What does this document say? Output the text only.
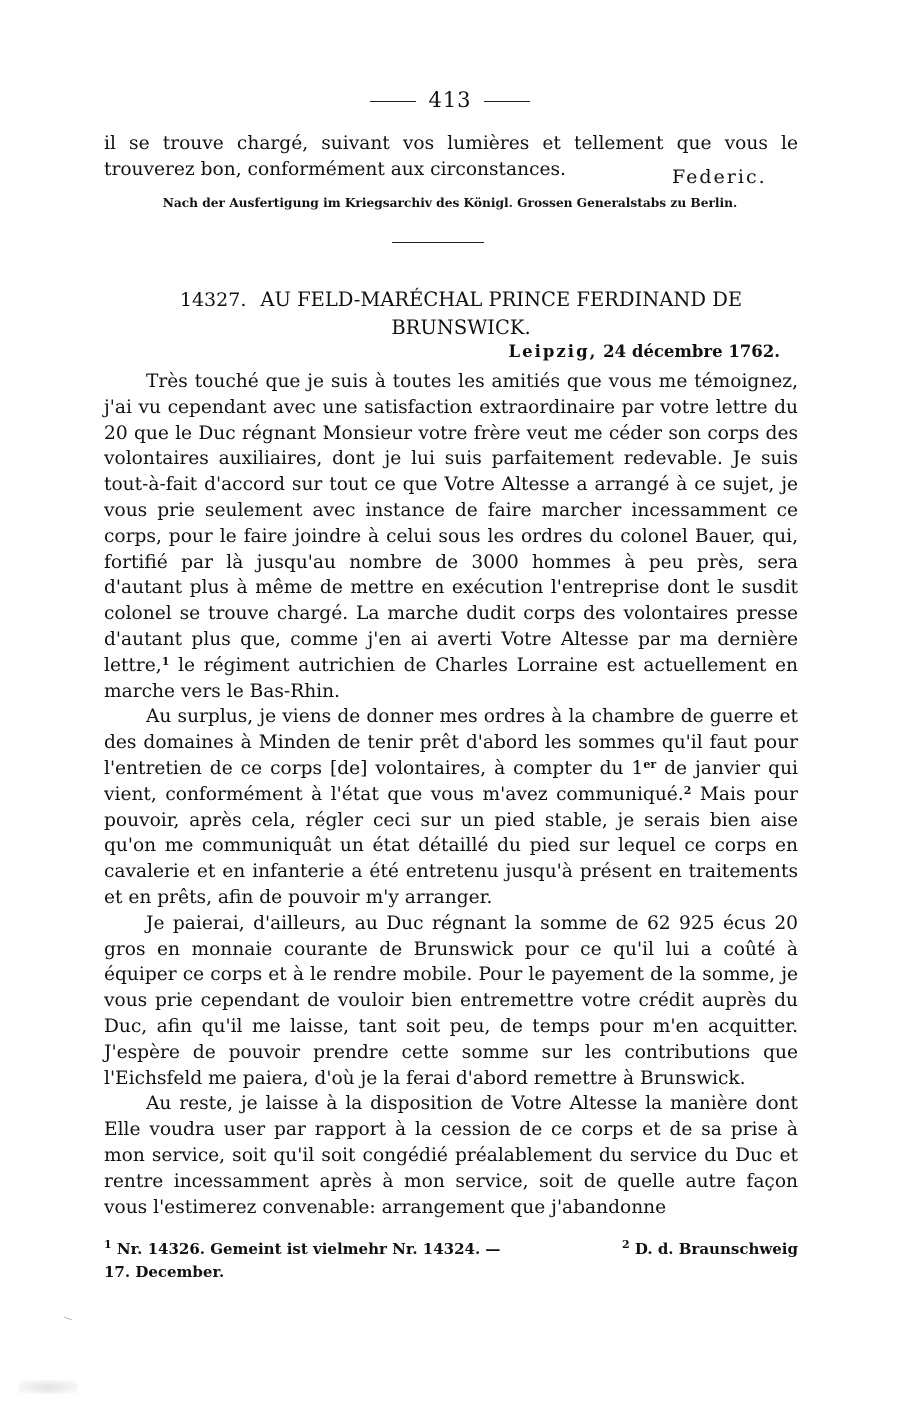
413
il se trouve chargé, suivant vos lumières et tellement que vous le trouverez bon, conformément aux circonstances.	Federic.
Nach der Ausfertigung im Kriegsarchiv des Königl. Grossen Generalstabs zu Berlin.
14327. AU FELD-MARÉCHAL PRINCE FERDINAND DE BRUNSWICK.
Leipzig, 24 décembre 1762.

Très touché que je suis à toutes les amitiés que vous me témoignez, j'ai vu cependant avec une satisfaction extraordinaire par votre lettre du 20 que le Duc régnant Monsieur votre frère veut me céder son corps des volontaires auxiliaires, dont je lui suis parfaitement redevable. Je suis tout-à-fait d'accord sur tout ce que Votre Altesse a arrangé à ce sujet, je vous prie seulement avec instance de faire marcher incessamment ce corps, pour le faire joindre à celui sous les ordres du colonel Bauer, qui, fortifié par là jusqu'au nombre de 3000 hommes à peu près, sera d'autant plus à même de mettre en exécution l'entreprise dont le susdit colonel se trouve chargé. La marche dudit corps des volontaires presse d'autant plus que, comme j'en ai averti Votre Altesse par ma dernière lettre,$^1$ le régiment autrichien de Charles Lorraine est actuellement en marche vers le Bas-Rhin.

Au surplus, je viens de donner mes ordres à la chambre de guerre et des domaines à Minden de tenir prêt d'abord les sommes qu'il faut pour l'entretien de ce corps [de] volontaires, à compter du 1er de janvier qui vient, conformément à l'état que vous m'avez communiqué.$^2$ Mais pour pouvoir, après cela, régler ceci sur un pied stable, je serais bien aise qu'on me communiquât un état détaillé du pied sur lequel ce corps en cavalerie et en infanterie a été entretenu jusqu'à présent en traitements et en prêts, afin de pouvoir m'y arranger.

Je paierai, d'ailleurs, au Duc régnant la somme de 62 925 écus 20 gros en monnaie courante de Brunswick pour ce qu'il lui a coûté à équiper ce corps et à le rendre mobile. Pour le payement de la somme, je vous prie cependant de vouloir bien entremettre votre crédit auprès du Duc, afin qu'il me laisse, tant soit peu, de temps pour m'en acquitter. J'espère de pouvoir prendre cette somme sur les contributions que l'Eichsfeld me paiera, d'où je la ferai d'abord remettre à Brunswick.

Au reste, je laisse à la disposition de Votre Altesse la manière dont Elle voudra user par rapport à la cession de ce corps et de sa prise à mon service, soit qu'il soit congédié préalablement du service du Duc et rentre incessamment après à mon service, soit de quelle autre façon vous l'estimerez convenable: arrangement que j'abandonne

$^1$ Nr. 14326. Gemeint ist vielmehr Nr. 14324. —	$^2$ D. d. Braunschweig

17. December.
